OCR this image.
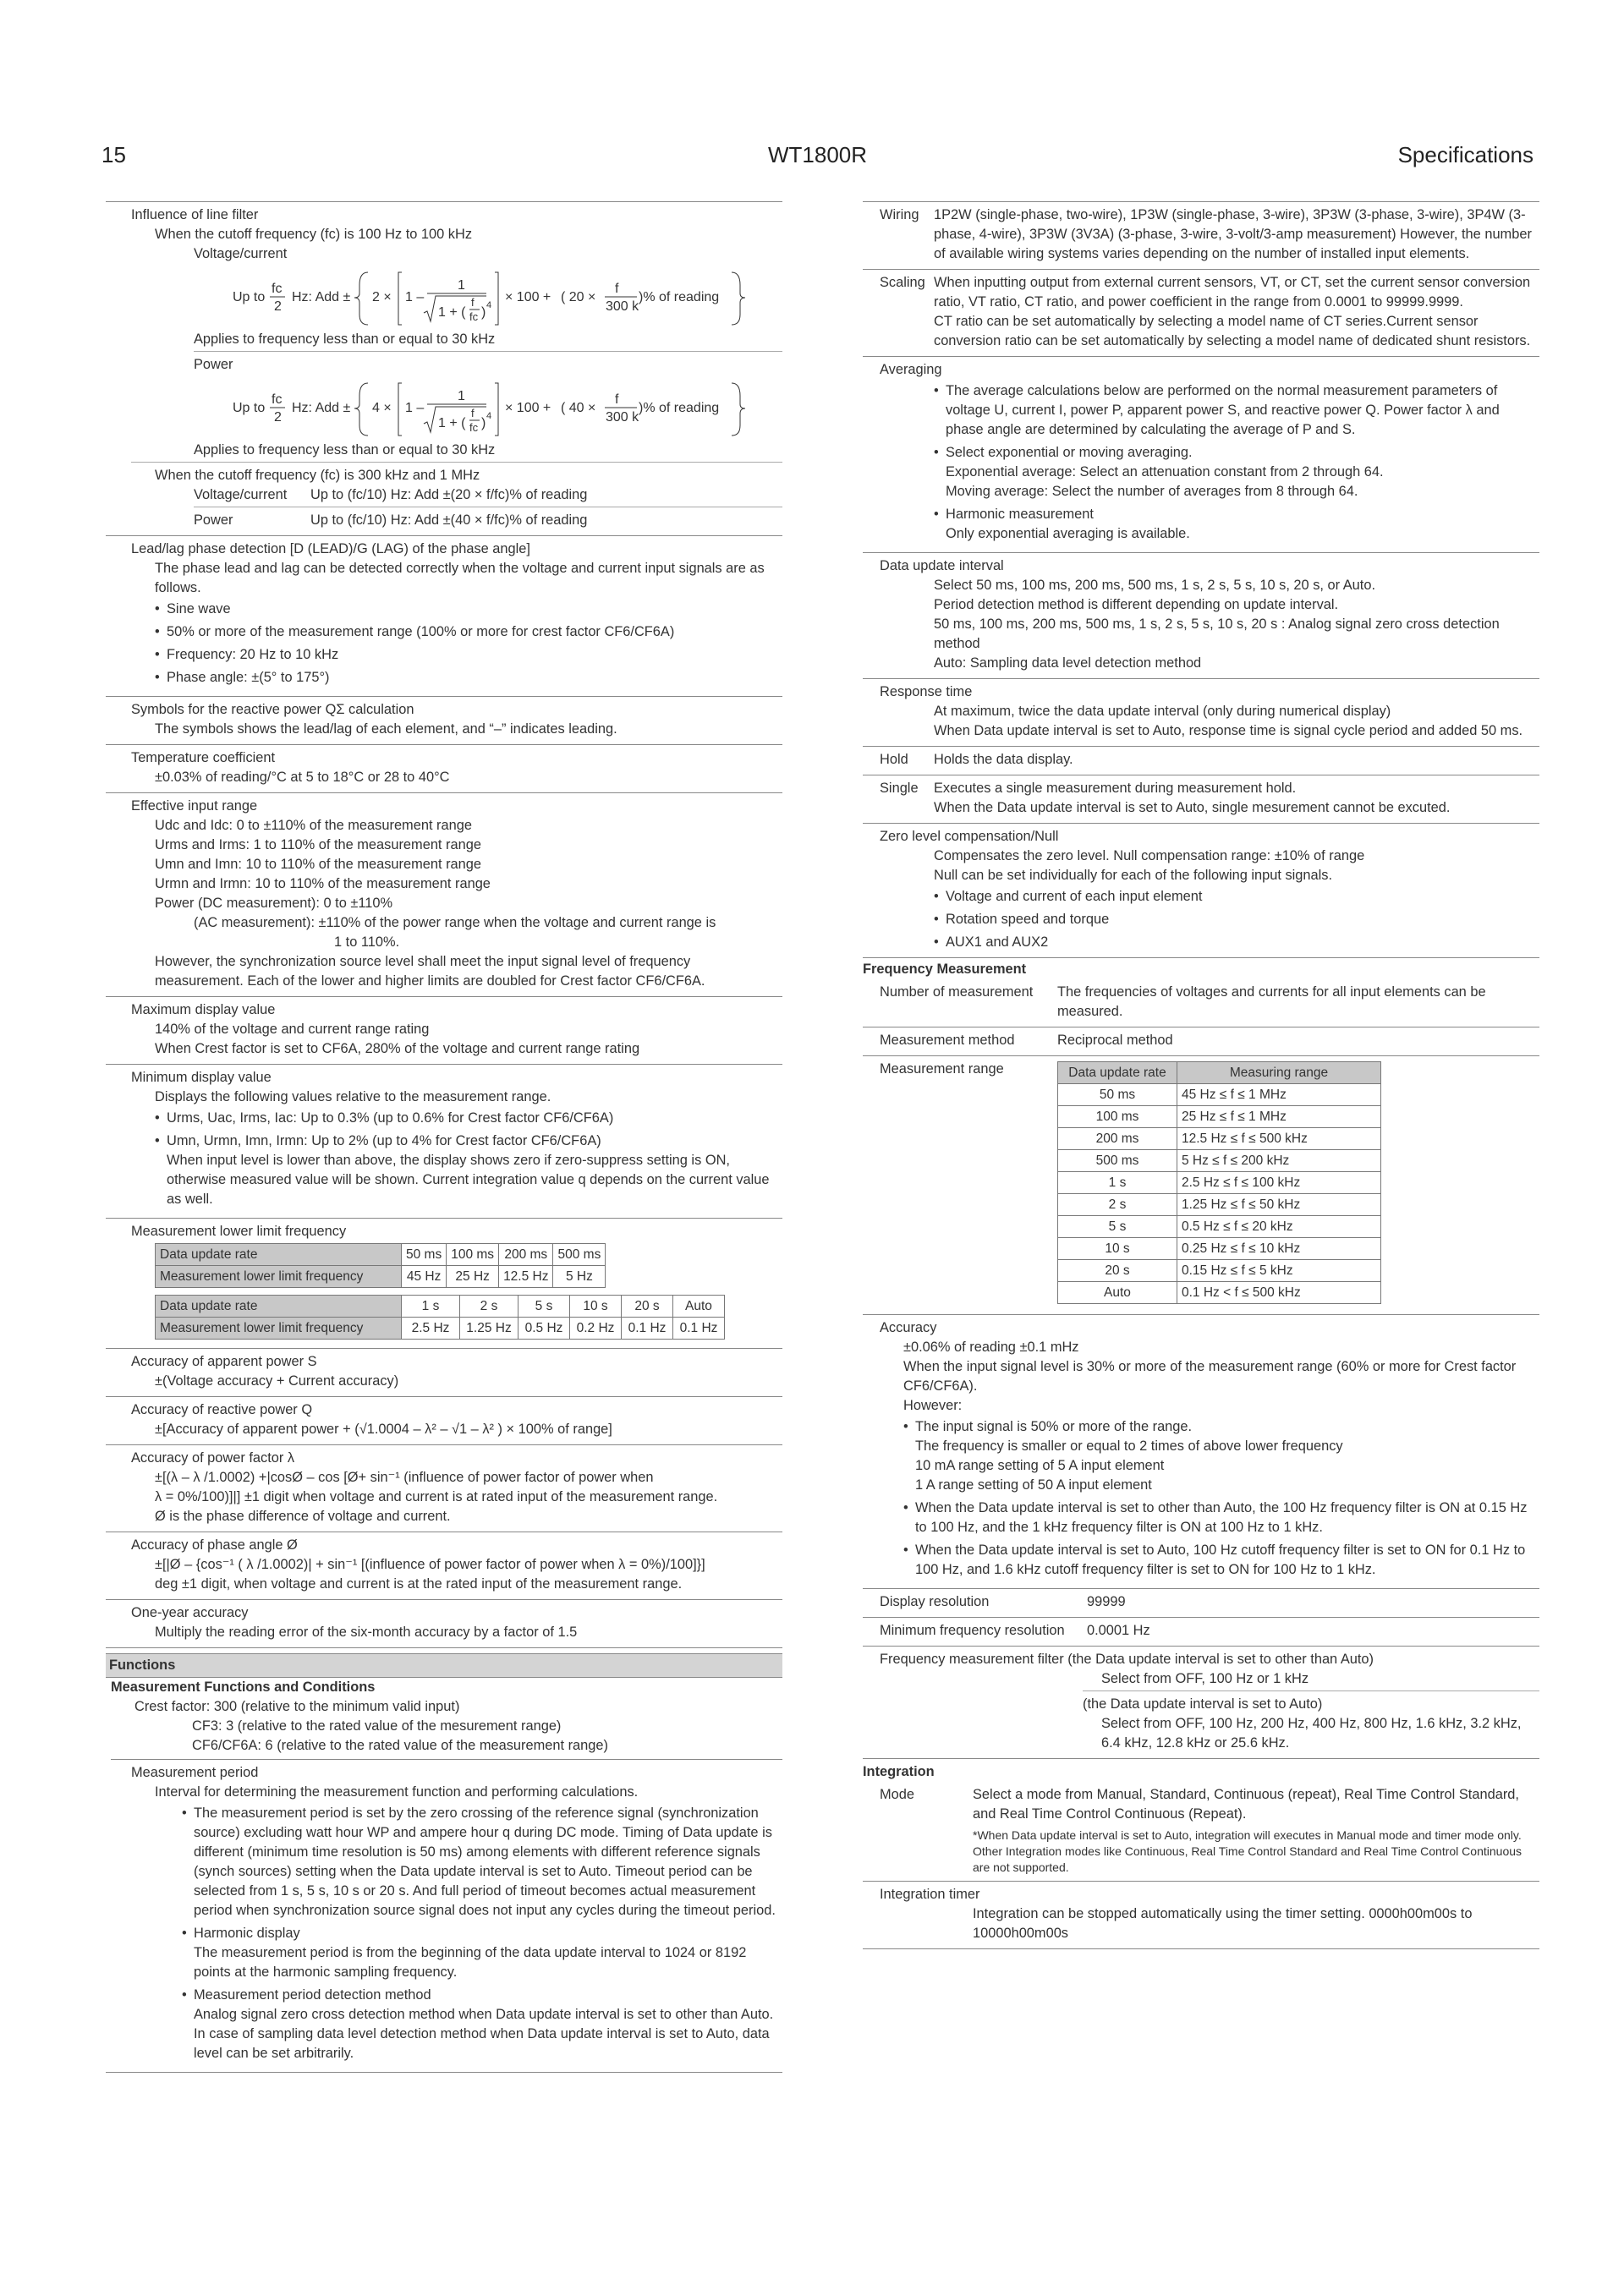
15	WT1800R	Specifications
Influence of line filter
When the cutoff frequency (fc) is 100 Hz to 100 kHz
Voltage/current
Up to
fc
2
Hz: Add ± 2 × 1 –
1
1 + (
f
fc ) 4
× 100 + ( 20 ×
f
300 k
)% of reading
Applies to frequency less than or equal to 30 kHz
Power
Up to
fc
2
Hz: Add ± 4 × 1 –
1
1 + (
f
fc ) 4
× 100 + ( 40 ×
f
300 k
)% of reading
Applies to frequency less than or equal to 30 kHz
When the cutoff frequency (fc) is 300 kHz and 1 MHz
Voltage/current	Up to (fc/10) Hz: Add ±(20 × f/fc)% of reading
Power	Up to (fc/10) Hz: Add ±(40 × f/fc)% of reading
Lead/lag phase detection [D (LEAD)/G (LAG) of the phase angle]
The phase lead and lag can be detected correctly when the voltage and current input signals are as follows.
• Sine wave
• 50% or more of the measurement range (100% or more for crest factor CF6/CF6A)
• Frequency: 20 Hz to 10 kHz
• Phase angle: ±(5° to 175°)
Symbols for the reactive power QΣ calculation
The symbols shows the lead/lag of each element, and “–” indicates leading.
Temperature coefficient
±0.03% of reading/°C at 5 to 18°C or 28 to 40°C
Effective input range
Udc and Idc: 0 to ±110% of the measurement range
Urms and Irms: 1 to 110% of the measurement range
Umn and Imn: 10 to 110% of the measurement range
Urmn and Irmn: 10 to 110% of the measurement range
Power (DC measurement): 0 to ±110%
(AC measurement): ±110% of the power range when the voltage and current range is
1 to 110%.
However, the synchronization source level shall meet the input signal level of frequency measurement. Each of the lower and higher limits are doubled for Crest factor CF6/CF6A.
Maximum display value
140% of the voltage and current range rating
When Crest factor is set to CF6A, 280% of the voltage and current range rating
Minimum display value
Displays the following values relative to the measurement range.
• Urms, Uac, Irms, Iac: Up to 0.3% (up to 0.6% for Crest factor CF6/CF6A)
• Umn, Urmn, Imn, Irmn: Up to 2% (up to 4% for Crest factor CF6/CF6A)
When input level is lower than above, the display shows zero if zero-suppress setting is ON, otherwise measured value will be shown. Current integration value q depends on the current value as well.
Measurement lower limit frequency
Data update rate	50 ms	100 ms	200 ms	500 ms
Measurement lower limit frequency	45 Hz	25 Hz	12.5 Hz	5 Hz
Data update rate	1 s	2 s	5 s	10 s	20 s	Auto
Measurement lower limit frequency	2.5 Hz	1.25 Hz	0.5 Hz	0.2 Hz	0.1 Hz	0.1 Hz
Accuracy of apparent power S
±(Voltage accuracy + Current accuracy)
Accuracy of reactive power Q
±[Accuracy of apparent power + (√1.0004 – λ² – √1 – λ² ) × 100% of range]
Accuracy of power factor λ
±[(λ – λ /1.0002) +|cosØ – cos [Ø+ sin⁻¹ (influence of power factor of power when
λ = 0%/100)]|] ±1 digit when voltage and current is at rated input of the measurement range.
Ø is the phase difference of voltage and current.
Accuracy of phase angle Ø
±[|Ø – {cos⁻¹ ( λ /1.0002)| + sin⁻¹ [(influence of power factor of power when λ = 0%)/100]}]
deg ±1 digit, when voltage and current is at the rated input of the measurement range.
One-year accuracy
Multiply the reading error of the six-month accuracy by a factor of 1.5
Functions
Measurement Functions and Conditions
Crest factor: 300 (relative to the minimum valid input)
CF3: 3 (relative to the rated value of the mesurement range)
CF6/CF6A: 6 (relative to the rated value of the measurement range)
Measurement period
Interval for determining the measurement function and performing calculations.
• The measurement period is set by the zero crossing of the reference signal (synchronization source) excluding watt hour WP and ampere hour q during DC mode. Timing of Data update is different (minimum time resolution is 50 ms) among elements with different reference signals (synch sources) setting when the Data update interval is set to Auto. Timeout period can be selected from 1 s, 5 s, 10 s or 20 s. And full period of timeout becomes actual measurement period when synchronization source signal does not input any cycles during the timeout period.
• Harmonic display
The measurement period is from the beginning of the data update interval to 1024 or 8192 points at the harmonic sampling frequency.
• Measurement period detection method
Analog signal zero cross detection method when Data update interval is set to other than Auto. In case of sampling data level detection method when Data update interval is set to Auto, data level can be set arbitrarily.
Wiring	1P2W (single-phase, two-wire), 1P3W (single-phase, 3-wire), 3P3W (3-phase, 3-wire), 3P4W (3-phase, 4-wire), 3P3W (3V3A) (3-phase, 3-wire, 3-volt/3-amp measurement) However, the number of available wiring systems varies depending on the number of installed input elements.
Scaling When inputting output from external current sensors, VT, or CT, set the current sensor conversion ratio, VT ratio, CT ratio, and power coefficient in the range from 0.0001 to 99999.9999.
CT ratio can be set automatically by selecting a model name of CT series.Current sensor conversion ratio can be set automatically by selecting a model name of dedicated shunt resistors.
Averaging
• The average calculations below are performed on the normal measurement parameters of voltage U, current I, power P, apparent power S, and reactive power Q. Power factor λ and phase angle are determined by calculating the average of P and S.
• Select exponential or moving averaging.
Exponential average: Select an attenuation constant from 2 through 64.
Moving average: Select the number of averages from 8 through 64.
• Harmonic measurement
Only exponential averaging is available.
Data update interval
Select 50 ms, 100 ms, 200 ms, 500 ms, 1 s, 2 s, 5 s, 10 s, 20 s, or Auto.
Period detection method is different depending on update interval.
50 ms, 100 ms, 200 ms, 500 ms, 1 s, 2 s, 5 s, 10 s, 20 s : Analog signal zero cross detection method
Auto: Sampling data level detection method
Response time
At maximum, twice the data update interval (only during numerical display)
When Data update interval is set to Auto, response time is signal cycle period and added 50 ms.
Hold	Holds the data display.
Single	Executes a single measurement during measurement hold.
When the Data update interval is set to Auto, single mesurement cannot be excuted.
Zero level compensation/Null
Compensates the zero level. Null compensation range: ±10% of range
Null can be set individually for each of the following input signals.
• Voltage and current of each input element
• Rotation speed and torque
• AUX1 and AUX2
Frequency Measurement
Number of measurement	The frequencies of voltages and currents for all input elements can be measured.
Measurement method	Reciprocal method
Measurement range	Data update rate	Measuring range
50 ms	45 Hz ≤ f ≤ 1 MHz
100 ms	25 Hz ≤ f ≤ 1 MHz
200 ms	12.5 Hz ≤ f ≤ 500 kHz
500 ms	5 Hz ≤ f ≤ 200 kHz
1 s	2.5 Hz ≤ f ≤ 100 kHz
2 s	1.25 Hz ≤ f ≤ 50 kHz
5 s	0.5 Hz ≤ f ≤ 20 kHz
10 s	0.25 Hz ≤ f ≤ 10 kHz
20 s	0.15 Hz ≤ f ≤ 5 kHz
Auto	0.1 Hz < f ≤ 500 kHz
Accuracy
±0.06% of reading ±0.1 mHz
When the input signal level is 30% or more of the measurement range (60% or more for Crest factor CF6/CF6A).
However:
• The input signal is 50% or more of the range.
The frequency is smaller or equal to 2 times of above lower frequency
10 mA range setting of 5 A input element
1 A range setting of 50 A input element
• When the Data update interval is set to other than Auto, the 100 Hz frequency filter is ON at 0.15 Hz to 100 Hz, and the 1 kHz frequency filter is ON at 100 Hz to 1 kHz.
• When the Data update interval is set to Auto, 100 Hz cutoff frequency filter is set to ON for 0.1 Hz to 100 Hz, and 1.6 kHz cutoff frequency filter is set to ON for 100 Hz to 1 kHz.
Display resolution	99999
Minimum frequency resolution	0.0001 Hz
Frequency measurement filter (the Data update interval is set to other than Auto)
Select from OFF, 100 Hz or 1 kHz
(the Data update interval is set to Auto)
Select from OFF, 100 Hz, 200 Hz, 400 Hz, 800 Hz, 1.6 kHz, 3.2 kHz, 6.4 kHz, 12.8 kHz or 25.6 kHz.
Integration
Mode	Select a mode from Manual, Standard, Continuous (repeat), Real Time Control Standard, and Real Time Control Continuous (Repeat).

*When Data update interval is set to Auto, integration will executes in Manual mode and timer mode only. Other Integration modes like Continuous, Real Time Control Standard and Real Time Control Continuous are not supported.
Integration timer
Integration can be stopped automatically using the timer setting. 0000h00m00s to 10000h00m00s
